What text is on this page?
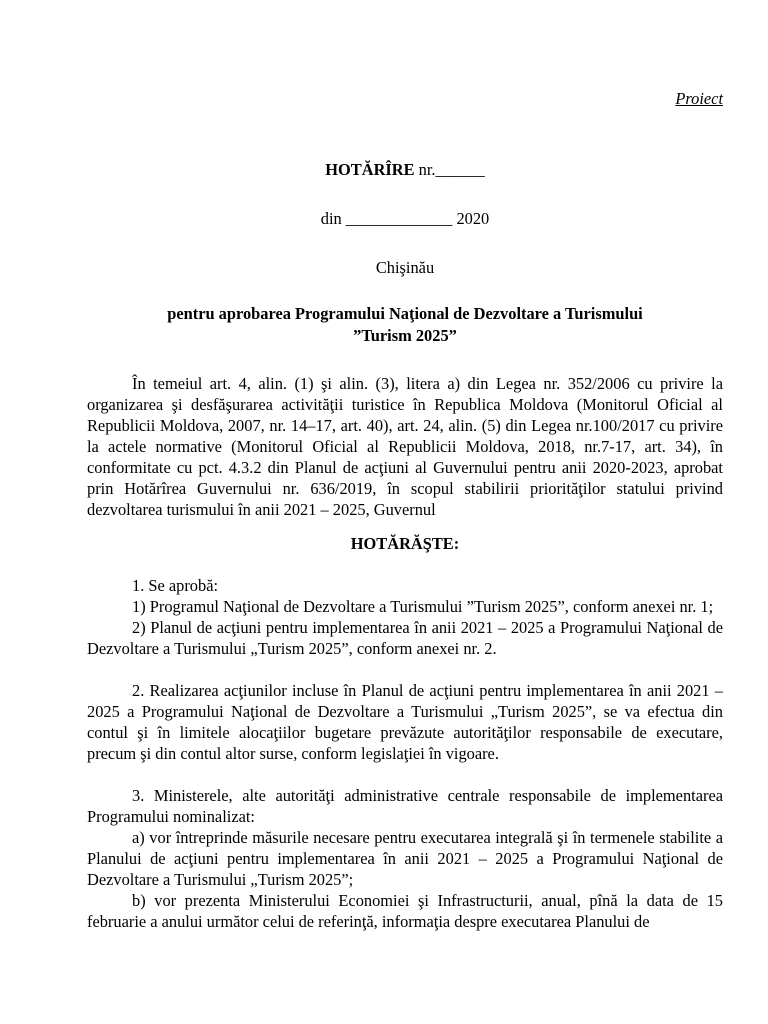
Proiect
HOTĂRÎRE nr.______
din _____________ 2020
Chişinău
pentru aprobarea Programului Naţional de Dezvoltare a Turismului
”Turism 2025”

În temeiul art. 4, alin. (1) şi alin. (3), litera a) din Legea nr. 352/2006 cu privire la organizarea şi desfăşurarea activităţii turistice în Republica Moldova (Monitorul Oficial al Republicii Moldova, 2007, nr. 14–17, art. 40), art. 24, alin. (5) din Legea nr.100/2017 cu privire la actele normative (Monitorul Oficial al Republicii Moldova, 2018, nr.7-17, art. 34), în conformitate cu pct. 4.3.2 din Planul de acţiuni al Guvernului pentru anii 2020-2023, aprobat prin Hotărîrea Guvernului nr. 636/2019, în scopul stabilirii priorităţilor statului privind dezvoltarea turismului în anii 2021 – 2025, Guvernul

HOTĂRĂŞTE:

1. Se aprobă:

1) Programul Naţional de Dezvoltare a Turismului ”Turism 2025”, conform anexei nr. 1;

2) Planul de acţiuni pentru implementarea în anii 2021 – 2025 a Programului Naţional de Dezvoltare a Turismului „Turism 2025”, conform anexei nr. 2.

2. Realizarea acţiunilor incluse în Planul de acţiuni pentru implementarea în anii 2021 – 2025 a Programului Naţional de Dezvoltare a Turismului „Turism 2025”, se va efectua din contul şi în limitele alocaţiilor bugetare prevăzute autorităţilor responsabile de executare, precum şi din contul altor surse, conform legislaţiei în vigoare.

3. Ministerele, alte autorităţi administrative centrale responsabile de implementarea Programului nominalizat:

a) vor întreprinde măsurile necesare pentru executarea integrală şi în termenele stabilite a Planului de acţiuni pentru implementarea în anii 2021 – 2025 a Programului Naţional de Dezvoltare a Turismului „Turism 2025”;

b) vor prezenta Ministerului Economiei şi Infrastructurii, anual, pînă la data de 15 februarie a anului următor celui de referinţă, informaţia despre executarea Planului de
